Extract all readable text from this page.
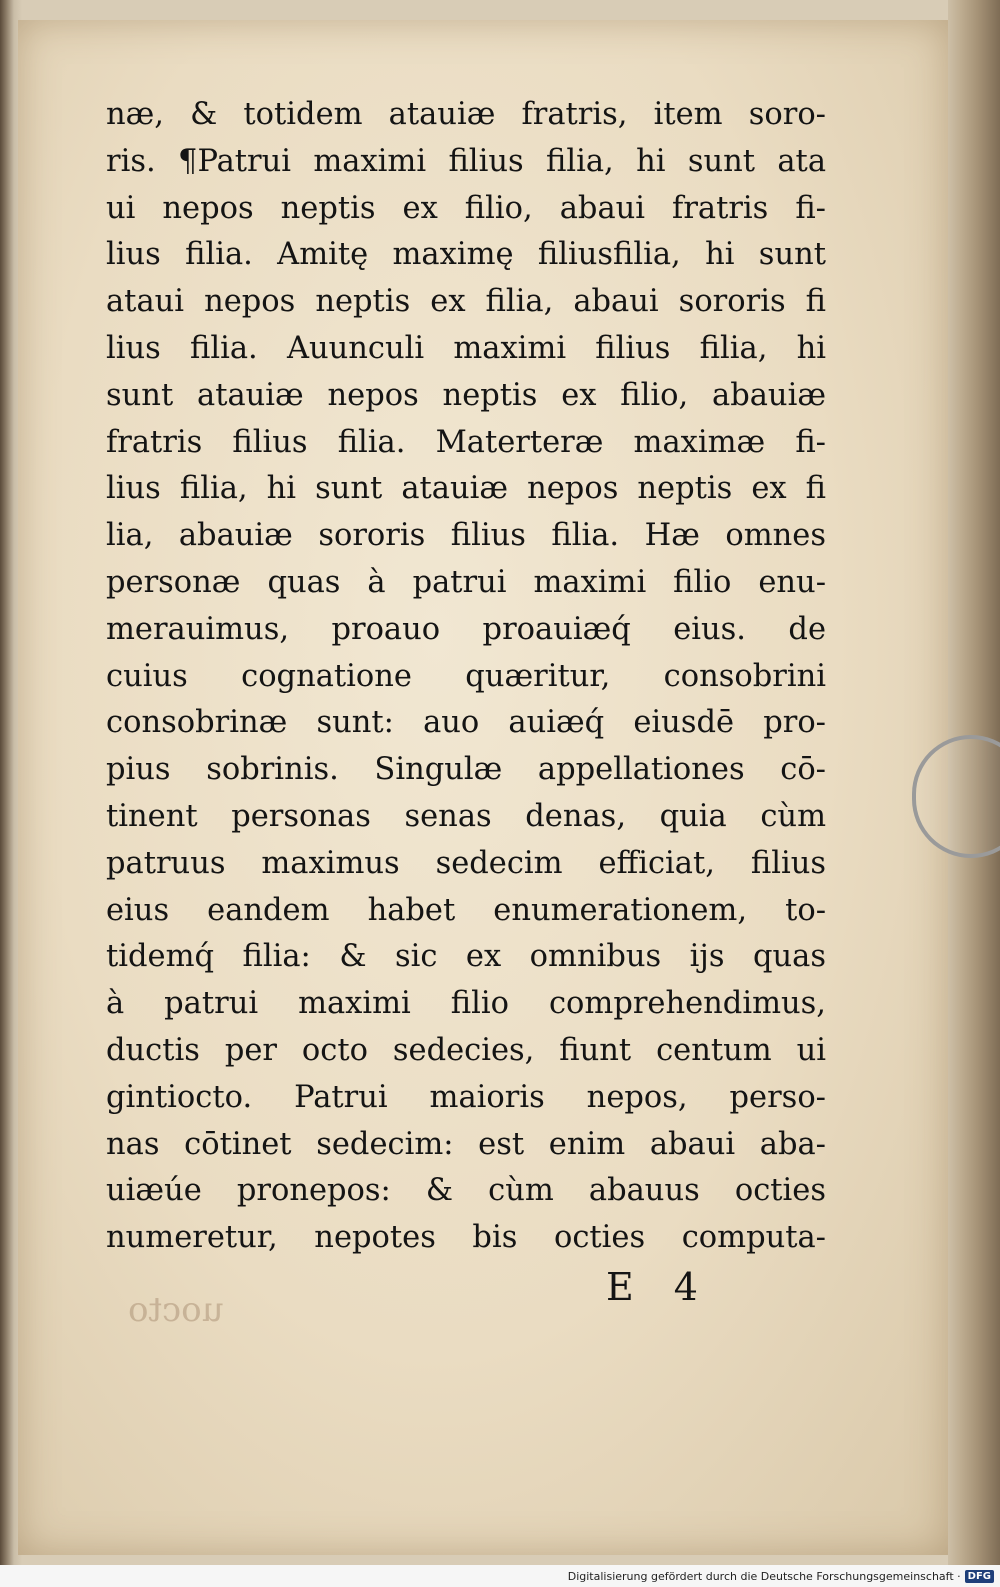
uocto
næ, & totidem atauiæ fratris, item soro-
ris. ¶Patrui maximi filius filia, hi sunt ata
ui nepos neptis ex filio, abaui fratris fi-
lius filia. Amitę maximę filiusfilia, hi sunt
ataui nepos neptis ex filia, abaui sororis fi
lius filia. Auunculi maximi filius filia, hi
sunt atauiæ nepos neptis ex filio, abauiæ
fratris filius filia. Materteræ maximæ fi-
lius filia, hi sunt atauiæ nepos neptis ex fi
lia, abauiæ sororis filius filia. Hæ omnes
personæ quas à patrui maximi filio enu-
merauimus, proauo proauiæq́ eius. de
cuius cognatione quæritur, consobrini
consobrinæ sunt: auo auiæq́ eiusdē pro-
pius sobrinis. Singulæ appellationes cō-
tinent personas senas denas, quia cùm
patruus maximus sedecim efficiat, filius
eius eandem habet enumerationem, to-
tidemq́ filia: & sic ex omnibus ijs quas
à patrui maximi filio comprehendimus,
ductis per octo sedecies, fiunt centum ui
gintiocto. Patrui maioris nepos, perso-
nas cōtinet sedecim: est enim abaui aba-
uiæúe pronepos: & cùm abauus octies
numeretur, nepotes bis octies computa-
E 4
Digitalisierung gefördert durch die Deutsche Forschungsgemeinschaft · DFG
